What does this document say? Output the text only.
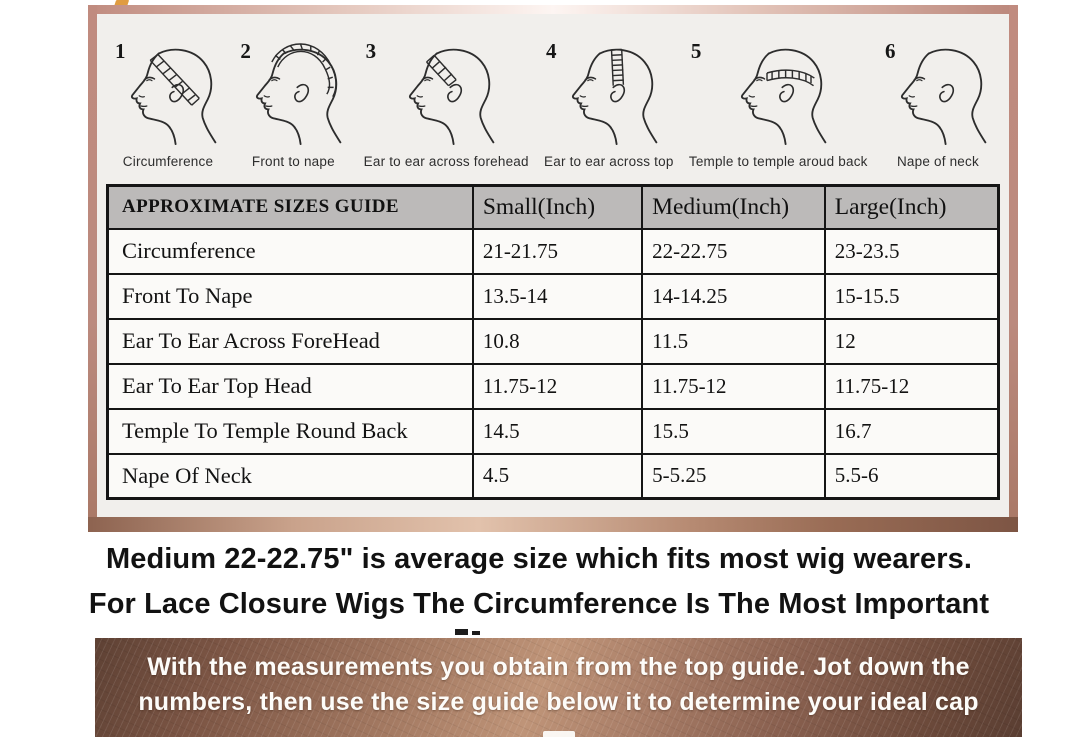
1
Circumference
2
Front to nape
3
Ear to ear across forehead
4
Ear to ear across top
5
Temple to temple aroud back
6
Nape of neck
APPROXIMATE SIZES GUIDE	Small(Inch)	Medium(Inch)	Large(Inch)
Circumference	21-21.75	22-22.75	23-23.5
Front To Nape	13.5-14	14-14.25	15-15.5
Ear To Ear Across ForeHead	10.8	11.5	12
Ear To Ear Top Head	11.75-12	11.75-12	11.75-12
Temple To Temple Round Back	14.5	15.5	16.7
Nape Of Neck	4.5	5-5.25	5.5-6
Medium 22-22.75" is average size which fits most wig wearers.
For Lace Closure Wigs The Circumference Is The Most Important
With the measurements you obtain from the top guide. Jot down the
numbers, then use the size guide below it to determine your ideal cap
